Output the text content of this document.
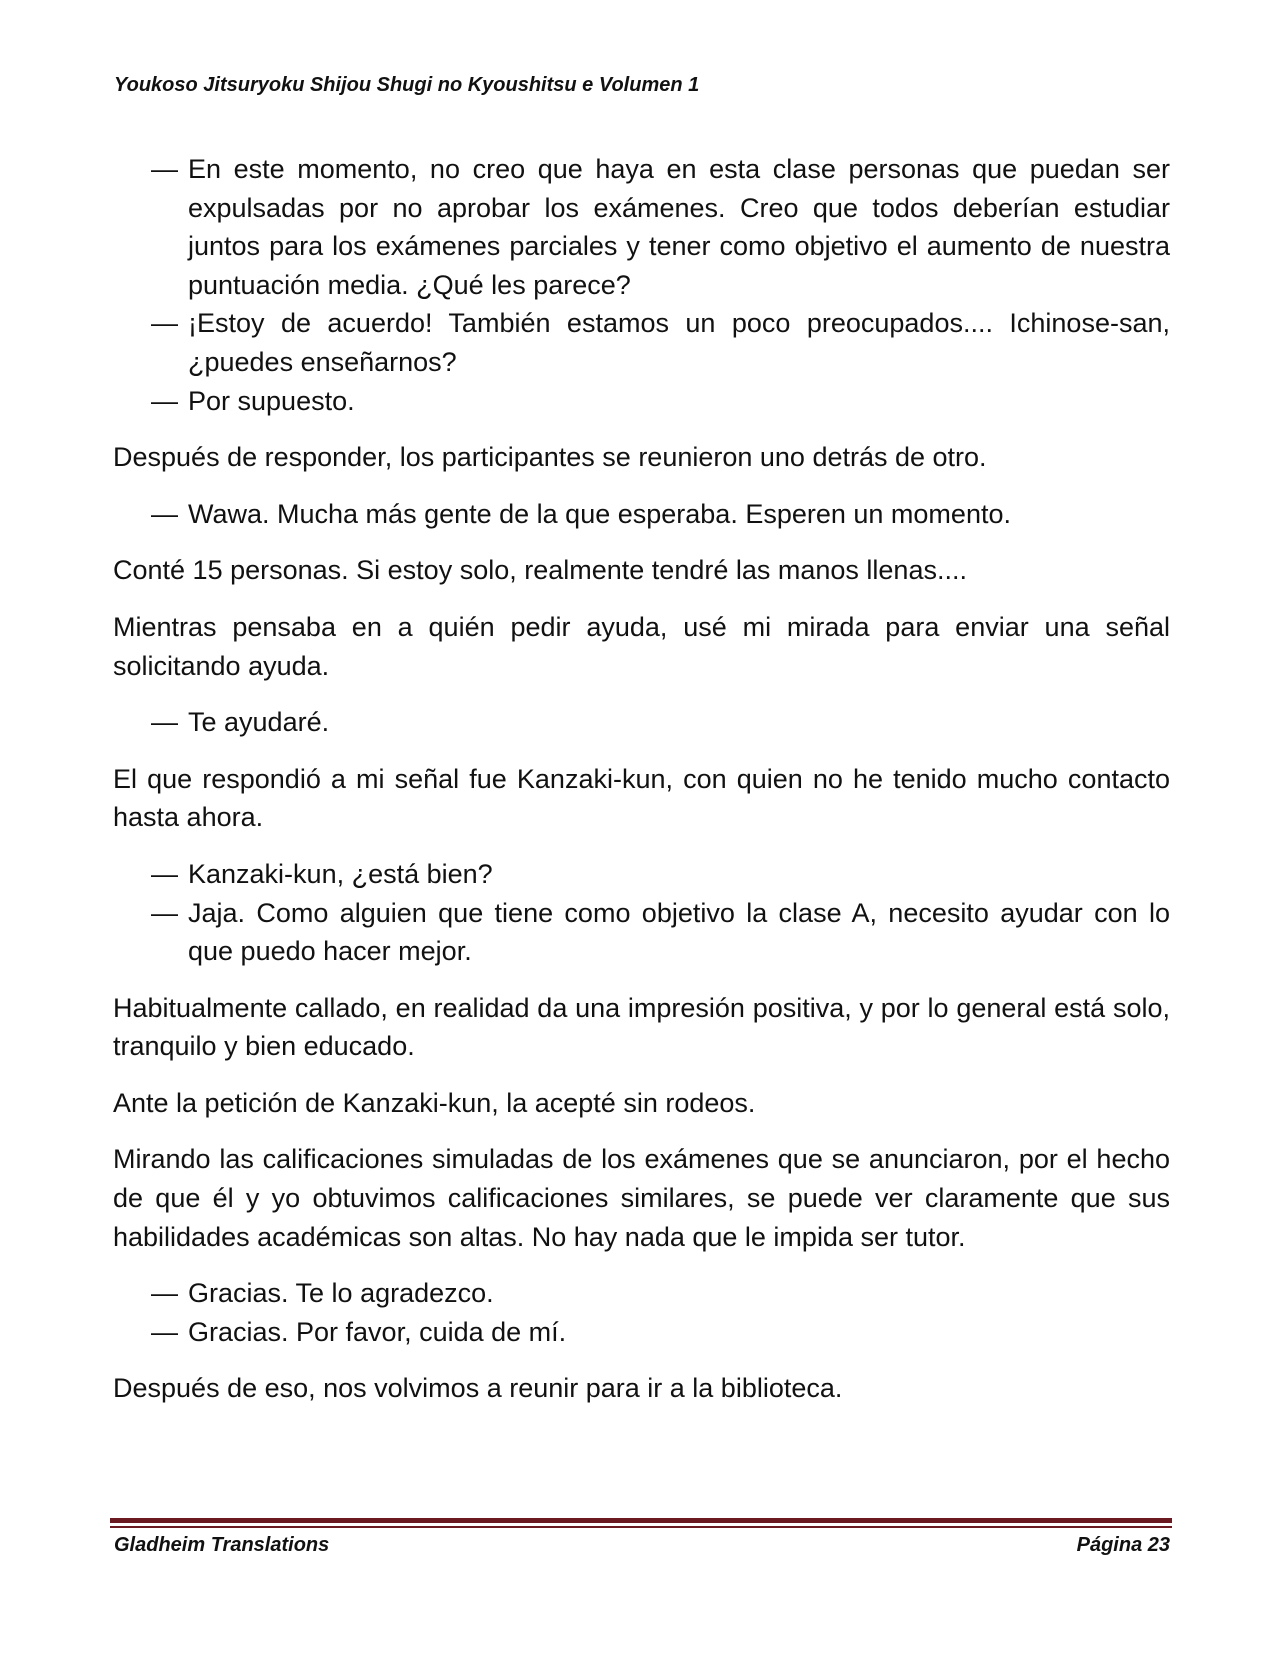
Youkoso Jitsuryoku Shijou Shugi no Kyoushitsu e Volumen 1
— En este momento, no creo que haya en esta clase personas que puedan ser expulsadas por no aprobar los exámenes. Creo que todos deberían estudiar juntos para los exámenes parciales y tener como objetivo el aumento de nuestra puntuación media. ¿Qué les parece?
— ¡Estoy de acuerdo! También estamos un poco preocupados.... Ichinose-san, ¿puedes enseñarnos?
— Por supuesto.

Después de responder, los participantes se reunieron uno detrás de otro.

— Wawa. Mucha más gente de la que esperaba. Esperen un momento.

Conté 15 personas. Si estoy solo, realmente tendré las manos llenas....

Mientras pensaba en a quién pedir ayuda, usé mi mirada para enviar una señal solicitando ayuda.

— Te ayudaré.

El que respondió a mi señal fue Kanzaki-kun, con quien no he tenido mucho contacto hasta ahora.

— Kanzaki-kun, ¿está bien?
— Jaja. Como alguien que tiene como objetivo la clase A, necesito ayudar con lo que puedo hacer mejor.

Habitualmente callado, en realidad da una impresión positiva, y por lo general está solo, tranquilo y bien educado.

Ante la petición de Kanzaki-kun, la acepté sin rodeos.

Mirando las calificaciones simuladas de los exámenes que se anunciaron, por el hecho de que él y yo obtuvimos calificaciones similares, se puede ver claramente que sus habilidades académicas son altas. No hay nada que le impida ser tutor.

— Gracias. Te lo agradezco.
— Gracias. Por favor, cuida de mí.

Después de eso, nos volvimos a reunir para ir a la biblioteca.

Gladheim Translations	Página 23
